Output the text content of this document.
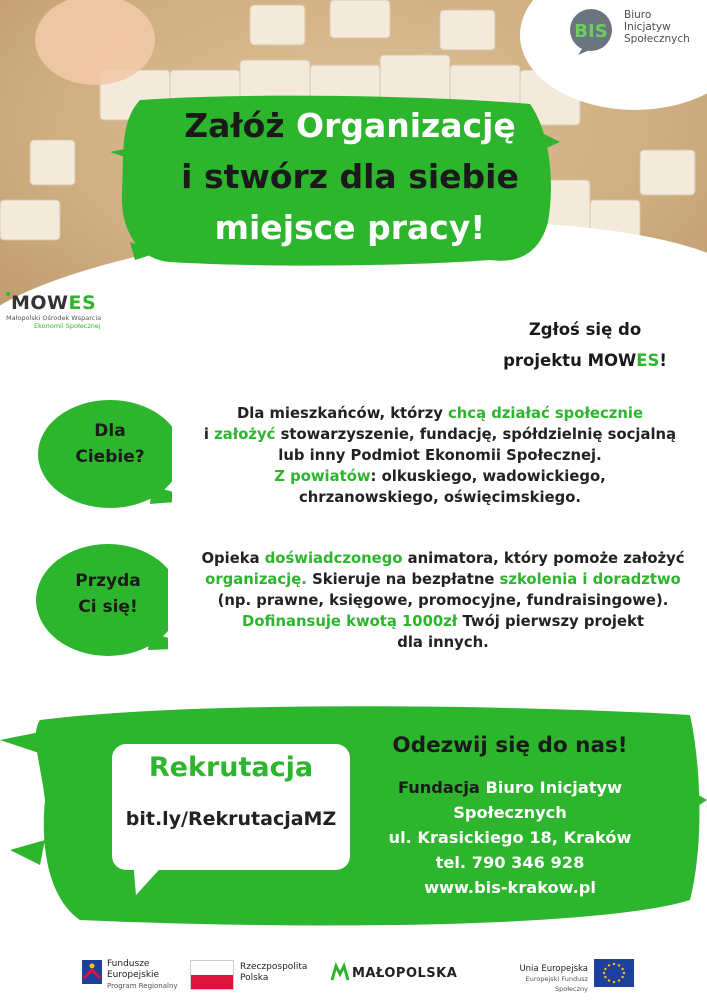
BIS
Biuro
Inicjatyw
Społecznych
Załóż Organizację
i stwórz dla siebie
miejsce pracy!
MOWES
Małopolski Ośrodek Wsparcia
Ekonomii Społecznej	Zgłoś się do
projektu MOWES!
Dla
Ciebie?
Dla mieszkańców, którzy chcą działać społecznie
i założyć stowarzyszenie, fundację, spółdzielnię socjalną
lub inny Podmiot Ekonomii Społecznej.
Z powiatów: olkuskiego, wadowickiego,
chrzanowskiego, oświęcimskiego.
Przyda
Ci się!
Opieka doświadczonego animatora, który pomoże założyć
organizację. Skieruje na bezpłatne szkolenia i doradztwo
(np. prawne, księgowe, promocyjne, fundraisingowe).
Dofinansuje kwotą 1000zł Twój pierwszy projekt
dla innych.
Rekrutacja
bit.ly/RekrutacjaMZ
Odezwij się do nas!
Fundacja Biuro Inicjatyw
Społecznych
ul. Krasickiego 18, Kraków
tel. 790 346 928
www.bis-krakow.pl
Fundusze
Europejskie
Program Regionalny
Rzeczpospolita
Polska	MAŁOPOLSKA	Unia Europejska
Europejski Fundusz Społeczny
